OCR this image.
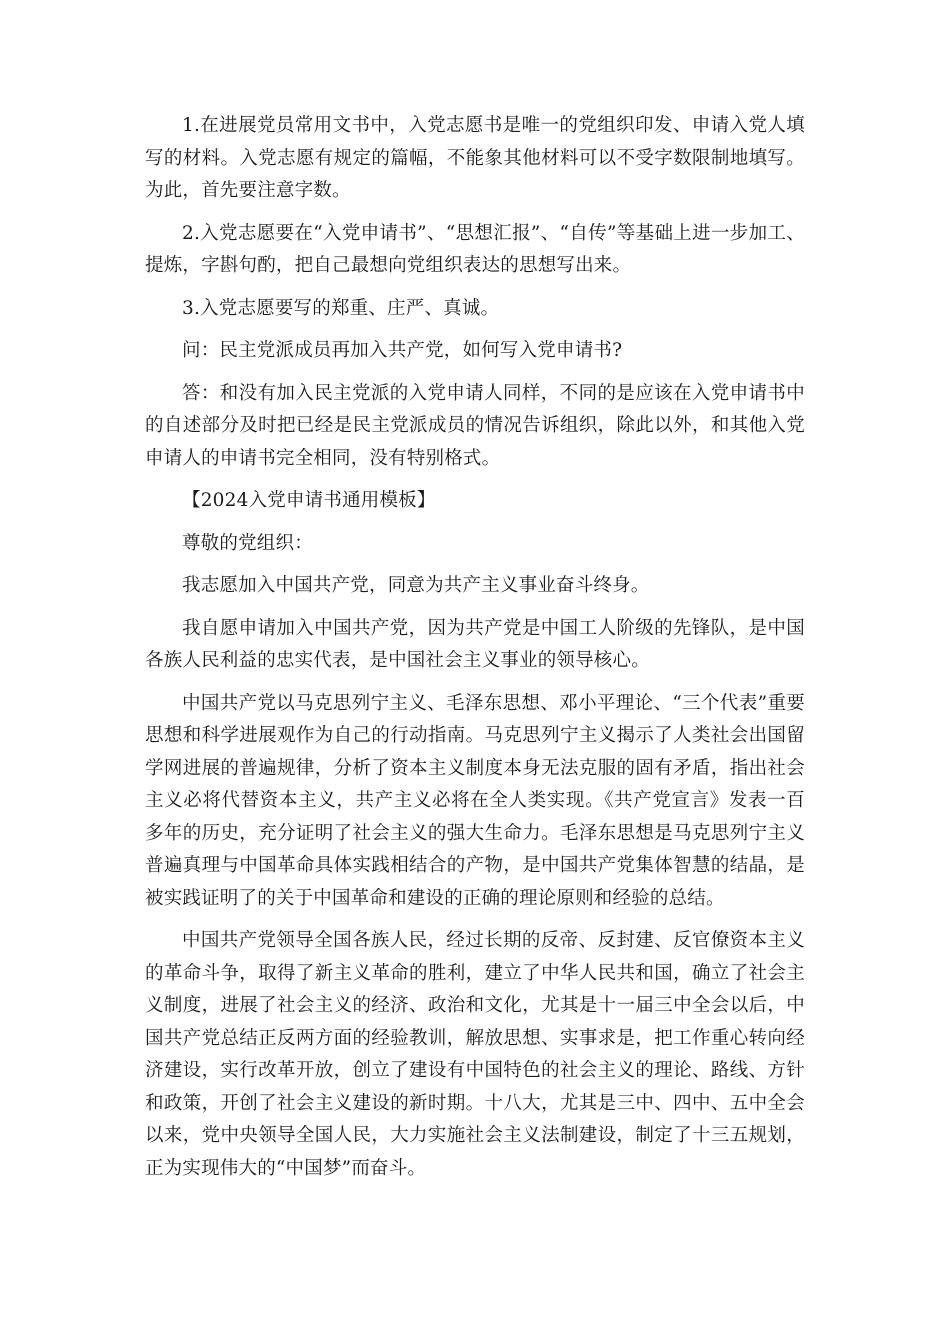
1.在进展党员常用文书中，入党志愿书是唯一的党组织印发、申请入党人填写的材料。入党志愿有规定的篇幅，不能象其他材料可以不受字数限制地填写。为此，首先要注意字数。

2.入党志愿要在“入党申请书”、“思想汇报”、“自传”等基础上进一步加工、提炼，字斟句酌，把自己最想向党组织表达的思想写出来。

3.入党志愿要写的郑重、庄严、真诚。

问：民主党派成员再加入共产党，如何写入党申请书?

答：和没有加入民主党派的入党申请人同样，不同的是应该在入党申请书中的自述部分及时把已经是民主党派成员的情况告诉组织，除此以外，和其他入党申请人的申请书完全相同，没有特别格式。

【2024入党申请书通用模板】

尊敬的党组织：

我志愿加入中国共产党，同意为共产主义事业奋斗终身。

我自愿申请加入中国共产党，因为共产党是中国工人阶级的先锋队，是中国各族人民利益的忠实代表，是中国社会主义事业的领导核心。

中国共产党以马克思列宁主义、毛泽东思想、邓小平理论、“三个代表”重要思想和科学进展观作为自己的行动指南。马克思列宁主义揭示了人类社会出国留学网进展的普遍规律，分析了资本主义制度本身无法克服的固有矛盾，指出社会主义必将代替资本主义，共产主义必将在全人类实现。《共产党宣言》发表一百多年的历史，充分证明了社会主义的强大生命力。毛泽东思想是马克思列宁主义普遍真理与中国革命具体实践相结合的产物，是中国共产党集体智慧的结晶，是被实践证明了的关于中国革命和建设的正确的理论原则和经验的总结。

中国共产党领导全国各族人民，经过长期的反帝、反封建、反官僚资本主义的革命斗争，取得了新主义革命的胜利，建立了中华人民共和国，确立了社会主义制度，进展了社会主义的经济、政治和文化，尤其是十一届三中全会以后，中国共产党总结正反两方面的经验教训，解放思想、实事求是，把工作重心转向经济建设，实行改革开放，创立了建设有中国特色的社会主义的理论、路线、方针和政策，开创了社会主义建设的新时期。十八大，尤其是三中、四中、五中全会以来，党中央领导全国人民，大力实施社会主义法制建设，制定了十三五规划，正为实现伟大的“中国梦”而奋斗。
